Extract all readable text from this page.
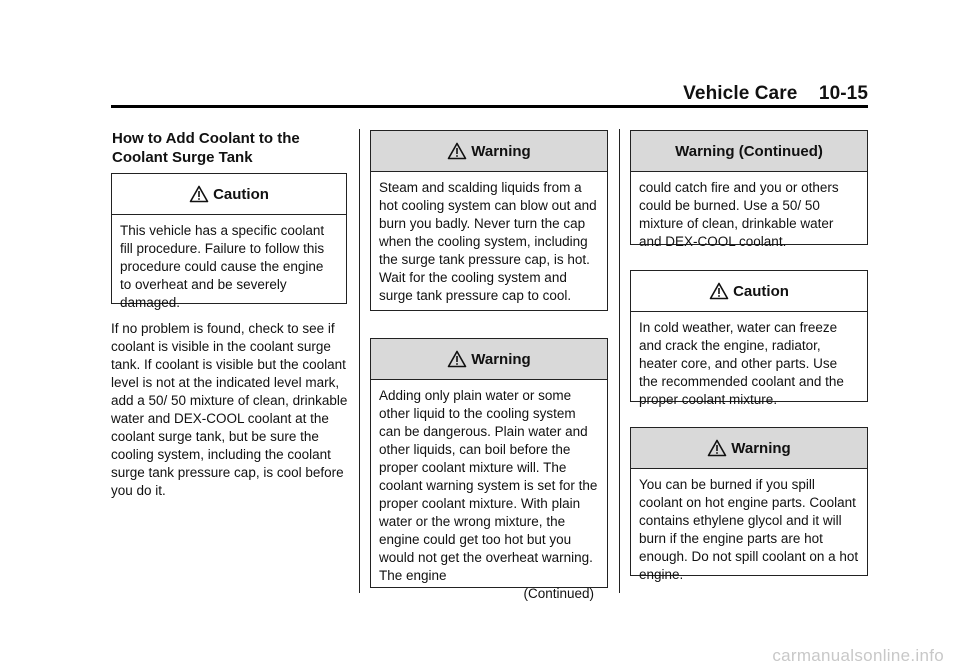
Vehicle Care    10-15
How to Add Coolant to the Coolant Surge Tank
Caution
This vehicle has a specific coolant fill procedure. Failure to follow this procedure could cause the engine to overheat and be severely damaged.
If no problem is found, check to see if coolant is visible in the coolant surge tank. If coolant is visible but the coolant level is not at the indicated level mark, add a 50/ 50 mixture of clean, drinkable water and DEX-COOL coolant at the coolant surge tank, but be sure the cooling system, including the coolant surge tank pressure cap, is cool before you do it.
Warning
Steam and scalding liquids from a hot cooling system can blow out and burn you badly. Never turn the cap when the cooling system, including the surge tank pressure cap, is hot. Wait for the cooling system and surge tank pressure cap to cool.
Warning
Adding only plain water or some other liquid to the cooling system can be dangerous. Plain water and other liquids, can boil before the proper coolant mixture will. The coolant warning system is set for the proper coolant mixture. With plain water or the wrong mixture, the engine could get too hot but you would not get the overheat warning. The engine
(Continued)
Warning (Continued)
could catch fire and you or others could be burned. Use a 50/ 50 mixture of clean, drinkable water and DEX-COOL coolant.
Caution
In cold weather, water can freeze and crack the engine, radiator, heater core, and other parts. Use the recommended coolant and the proper coolant mixture.
Warning
You can be burned if you spill coolant on hot engine parts. Coolant contains ethylene glycol and it will burn if the engine parts are hot enough. Do not spill coolant on a hot engine.
carmanualsonline.info
